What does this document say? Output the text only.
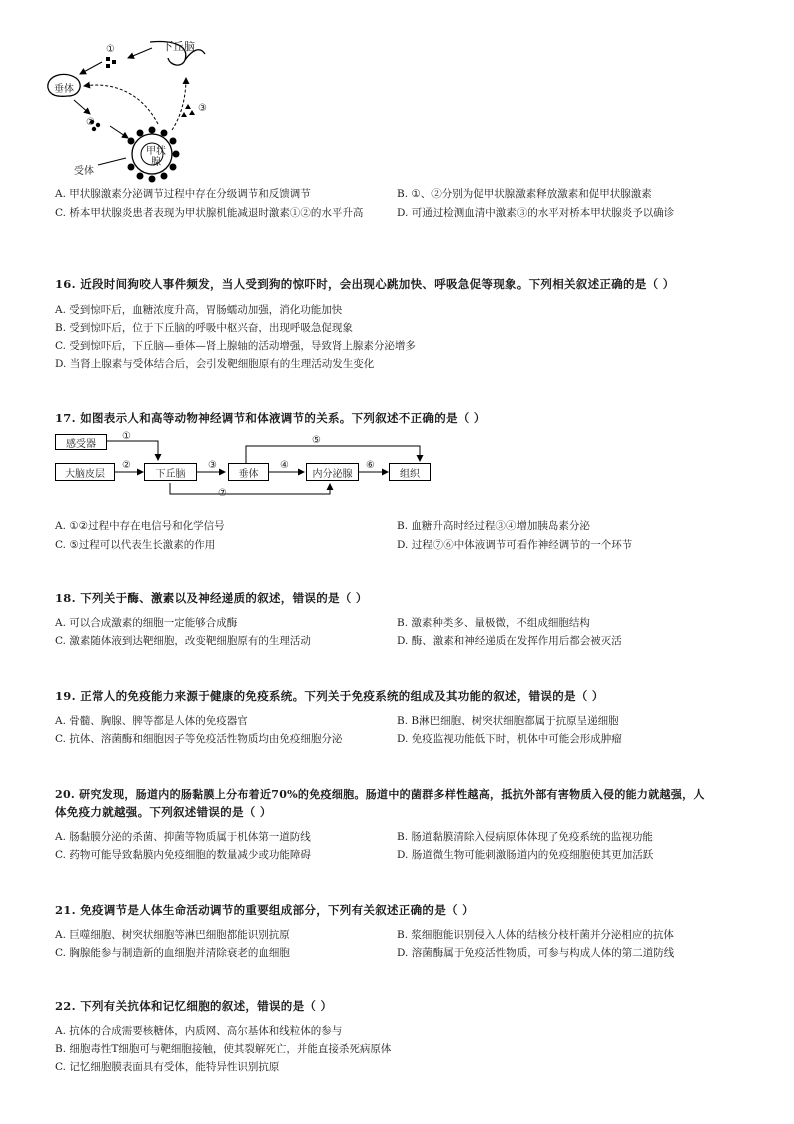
①	下丘脑
垂体
②
③
甲状
腺
受体
A. 甲状腺激素分泌调节过程中存在分级调节和反馈调节	B. ①、②分别为促甲状腺激素释放激素和促甲状腺激素
C. 桥本甲状腺炎患者表现为甲状腺机能减退时激素①②的水平升高	D. 可通过检测血清中激素③的水平对桥本甲状腺炎予以确诊
16. 近段时间狗咬人事件频发，当人受到狗的惊吓时，会出现心跳加快、呼吸急促等现象。下列相关叙述正确的是（ ）
A. 受到惊吓后，血糖浓度升高，胃肠蠕动加强，消化功能加快
B. 受到惊吓后，位于下丘脑的呼吸中枢兴奋，出现呼吸急促现象
C. 受到惊吓后，下丘脑—垂体—肾上腺轴的活动增强，导致肾上腺素分泌增多
D. 当肾上腺素与受体结合后，会引发靶细胞原有的生理活动发生变化
17. 如图表示人和高等动物神经调节和体液调节的关系。下列叙述不正确的是（ ）
感受器
大脑皮层	下丘脑	垂体	内分泌腺	组织
①
②	③	④
⑤
⑥
⑦
A. ①②过程中存在电信号和化学信号	B. 血糖升高时经过程③④增加胰岛素分泌
C. ⑤过程可以代表生长激素的作用	D. 过程⑦⑥中体液调节可看作神经调节的一个环节
18. 下列关于酶、激素以及神经递质的叙述，错误的是（ ）
A. 可以合成激素的细胞一定能够合成酶	B. 激素种类多、量极微，不组成细胞结构
C. 激素随体液到达靶细胞，改变靶细胞原有的生理活动	D. 酶、激素和神经递质在发挥作用后都会被灭活
19. 正常人的免疫能力来源于健康的免疫系统。下列关于免疫系统的组成及其功能的叙述，错误的是（ ）
A. 骨髓、胸腺、脾等都是人体的免疫器官	B. B淋巴细胞、树突状细胞都属于抗原呈递细胞
C. 抗体、溶菌酶和细胞因子等免疫活性物质均由免疫细胞分泌	D. 免疫监视功能低下时，机体中可能会形成肿瘤
20. 研究发现，肠道内的肠黏膜上分布着近70%的免疫细胞。肠道中的菌群多样性越高，抵抗外部有害物质入侵的能力就越强，人
体免疫力就越强。下列叙述错误的是（ ）
A. 肠黏膜分泌的杀菌、抑菌等物质属于机体第一道防线	B. 肠道黏膜清除入侵病原体体现了免疫系统的监视功能
C. 药物可能导致黏膜内免疫细胞的数量减少或功能障碍	D. 肠道微生物可能刺激肠道内的免疫细胞使其更加活跃
21. 免疫调节是人体生命活动调节的重要组成部分，下列有关叙述正确的是（ ）
A. 巨噬细胞、树突状细胞等淋巴细胞都能识别抗原	B. 浆细胞能识别侵入人体的结核分枝杆菌并分泌相应的抗体
C. 胸腺能参与制造新的血细胞并清除衰老的血细胞	D. 溶菌酶属于免疫活性物质，可参与构成人体的第二道防线
22. 下列有关抗体和记忆细胞的叙述，错误的是（ ）
A. 抗体的合成需要核糖体，内质网、高尔基体和线粒体的参与
B. 细胞毒性T细胞可与靶细胞接触，使其裂解死亡，并能直接杀死病原体
C. 记忆细胞膜表面具有受体，能特异性识别抗原
